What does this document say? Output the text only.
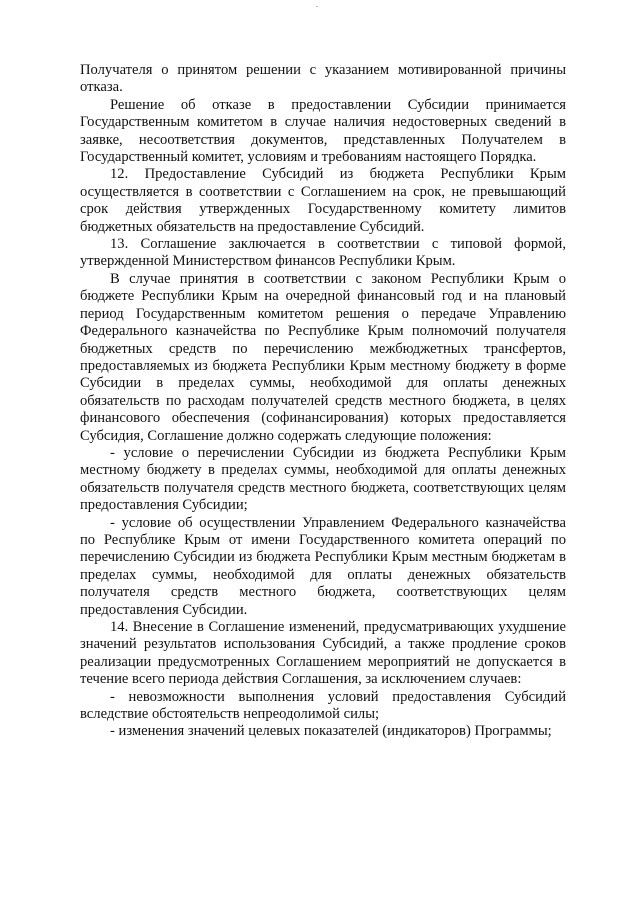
Получателя о принятом решении с указанием мотивированной причины отказа.

Решение об отказе в предоставлении Субсидии принимается Государственным комитетом в случае наличия недостоверных сведений в заявке, несоответствия документов, представленных Получателем в Государственный комитет, условиям и требованиям настоящего Порядка.

12. Предоставление Субсидий из бюджета Республики Крым осуществляется в соответствии с Соглашением на срок, не превышающий срок действия утвержденных Государственному комитету лимитов бюджетных обязательств на предоставление Субсидий.

13. Соглашение заключается в соответствии с типовой формой, утвержденной Министерством финансов Республики Крым.

В случае принятия в соответствии с законом Республики Крым о бюджете Республики Крым на очередной финансовый год и на плановый период Государственным комитетом решения о передаче Управлению Федерального казначейства по Республике Крым полномочий получателя бюджетных средств по перечислению межбюджетных трансфертов, предоставляемых из бюджета Республики Крым местному бюджету в форме Субсидии в пределах суммы, необходимой для оплаты денежных обязательств по расходам получателей средств местного бюджета, в целях финансового обеспечения (софинансирования) которых предоставляется Субсидия, Соглашение должно содержать следующие положения:

- условие о перечислении Субсидии из бюджета Республики Крым местному бюджету в пределах суммы, необходимой для оплаты денежных обязательств получателя средств местного бюджета, соответствующих целям предоставления Субсидии;

- условие об осуществлении Управлением Федерального казначейства по Республике Крым от имени Государственного комитета операций по перечислению Субсидии из бюджета Республики Крым местным бюджетам в пределах суммы, необходимой для оплаты денежных обязательств получателя средств местного бюджета, соответствующих целям предоставления Субсидии.

14. Внесение в Соглашение изменений, предусматривающих ухудшение значений результатов использования Субсидий, а также продление сроков реализации предусмотренных Соглашением мероприятий не допускается в течение всего периода действия Соглашения, за исключением случаев:

- невозможности выполнения условий предоставления Субсидий вследствие обстоятельств непреодолимой силы;

- изменения значений целевых показателей (индикаторов) Программы;
